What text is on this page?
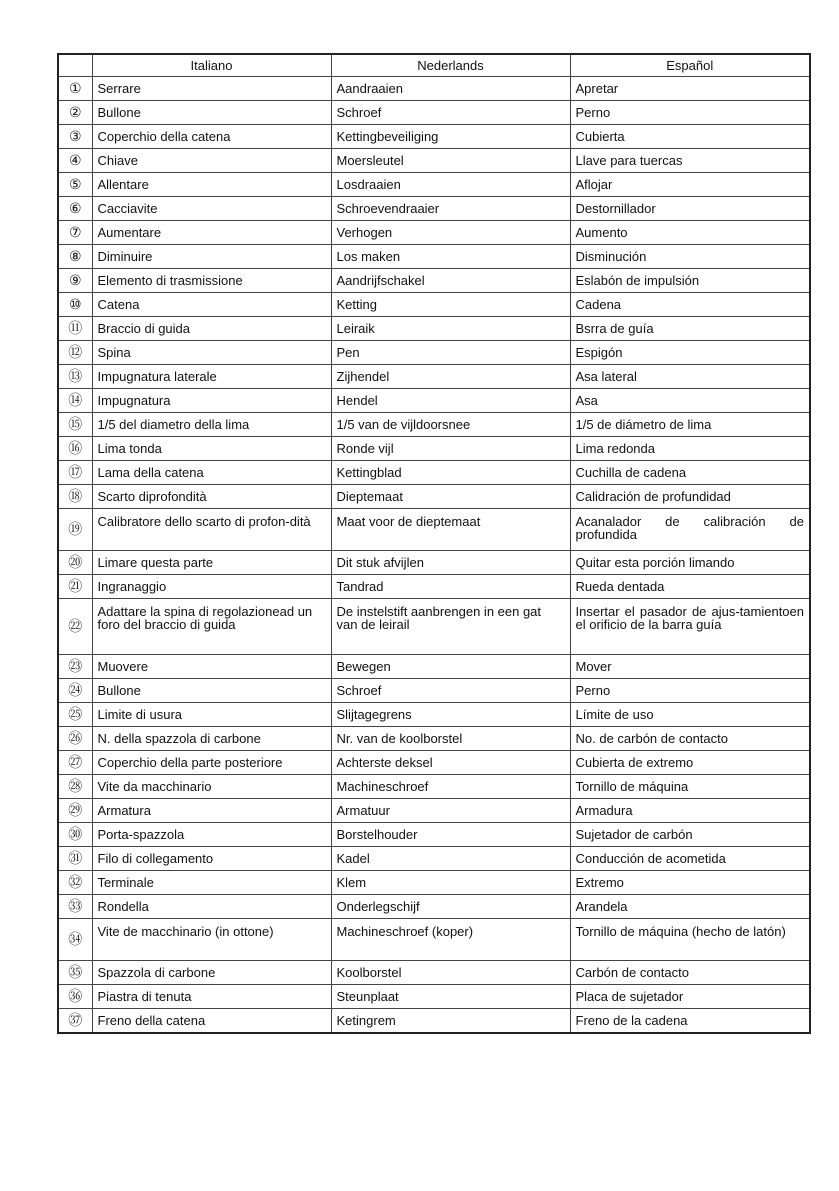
	Italiano	Nederlands	Español
①	Serrare	Aandraaien	Apretar
②	Bullone	Schroef	Perno
③	Coperchio della catena	Kettingbeveiliging	Cubierta
④	Chiave	Moersleutel	Llave para tuercas
⑤	Allentare	Losdraaien	Aflojar
⑥	Cacciavite	Schroevendraaier	Destornillador
⑦	Aumentare	Verhogen	Aumento
⑧	Diminuire	Los maken	Disminución
⑨	Elemento di trasmissione	Aandrijfschakel	Eslabón de impulsión
⑩	Catena	Ketting	Cadena
⑪	Braccio di guida	Leiraik	Bsrra de guía
⑫	Spina	Pen	Espigón
⑬	Impugnatura laterale	Zijhendel	Asa lateral
⑭	Impugnatura	Hendel	Asa
⑮	1/5 del diametro della lima	1/5 van de vijldoorsnee	1/5 de diámetro de lima
⑯	Lima tonda	Ronde vijl	Lima redonda
⑰	Lama della catena	Kettingblad	Cuchilla de cadena
⑱	Scarto diprofondità	Dieptemaat	Calidración de profundidad
⑲	Calibratore dello scarto di profon-dità	Maat voor de dieptemaat	Acanalador de calibración de profundida
⑳	Limare questa parte	Dit stuk afvijlen	Quitar esta porción limando
㉑	Ingranaggio	Tandrad	Rueda dentada
㉒	Adattare la spina di regolazionead un foro del braccio di guida	De instelstift aanbrengen in een gat van de leirail	Insertar el pasador de ajus-tamientoen el orificio de la barra guía
㉓	Muovere	Bewegen	Mover
㉔	Bullone	Schroef	Perno
㉕	Limite di usura	Slijtagegrens	Límite de uso
㉖	N. della spazzola di carbone	Nr. van de koolborstel	No. de carbón de contacto
㉗	Coperchio della parte posteriore	Achterste deksel	Cubierta de extremo
㉘	Vite da macchinario	Machineschroef	Tornillo de máquina
㉙	Armatura	Armatuur	Armadura
㉚	Porta-spazzola	Borstelhouder	Sujetador de carbón
㉛	Filo di collegamento	Kadel	Conducción de acometida
㉜	Terminale	Klem	Extremo
㉝	Rondella	Onderlegschijf	Arandela
㉞	Vite de macchinario (in ottone)	Machineschroef (koper)	Tornillo de máquina (hecho de latón)
㉟	Spazzola di carbone	Koolborstel	Carbón de contacto
㊱	Piastra di tenuta	Steunplaat	Placa de sujetador
㊲	Freno della catena	Ketingrem	Freno de la cadena
